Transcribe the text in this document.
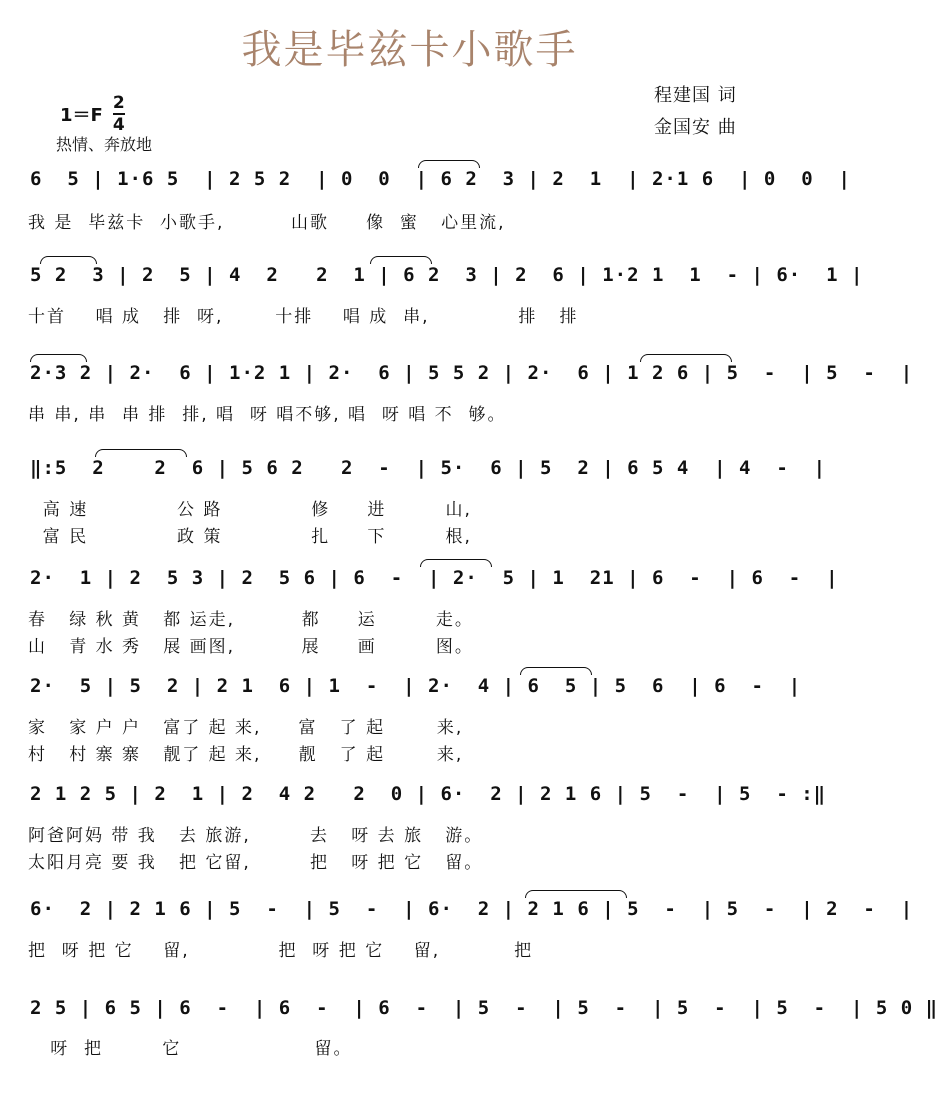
我是毕兹卡小歌手
1＝F
2
4
热情、奔放地
程建国 词
金国安 曲
6  5 | 1·6 5  | 2 5 2  | 0  0  | 6 2  3 | 2  1  | 2·1 6  | 0  0  |
我 是  毕兹卡  小歌手,         山歌     像  蜜   心里流,
5 2  3 | 2  5 | 4  2   2  1 | 6 2  3 | 2  6 | 1·2 1  1  - | 6·  1 |
十首    唱 成   排  呀,       十排    唱 成  串,            排   排
2·3 2 | 2·  6 | 1·2 1 | 2·  6 | 5 5 2 | 2·  6 | 1 2 6 | 5  -  | 5  -  |
串 串, 串  串 排  排, 唱  呀 唱不够, 唱  呀 唱 不  够。
‖:5  2    2  6 | 5 6 2   2  -  | 5·  6 | 5  2 | 6 5 4  | 4  -  |
高 速            公 路            修     进        山,
富 民            政 策            扎     下        根,
2·  1 | 2  5 3 | 2  5 6 | 6  -  | 2·  5 | 1  21 | 6  -  | 6  -  |
春   绿 秋 黄   都 运走,         都     运        走。
山   青 水 秀   展 画图,         展     画        图。
2·  5 | 5  2 | 2 1  6 | 1  -  | 2·  4 | 6  5 | 5  6  | 6  -  |
家   家 户 户   富了 起 来,     富   了 起       来,
村   村 寨 寨   靓了 起 来,     靓   了 起       来,
2 1 2 5 | 2  1 | 2  4 2   2  0 | 6·  2 | 2 1 6 | 5  -  | 5  - :‖
阿爸阿妈 带 我   去 旅游,        去   呀 去 旅   游。
太阳月亮 要 我   把 它留,        把   呀 把 它   留。
6·  2 | 2 1 6 | 5  -  | 5  -  | 6·  2 | 2 1 6 | 5  -  | 5  -  | 2  -  |
把  呀 把 它    留,            把  呀 把 它    留,          把
2 5 | 6 5 | 6  -  | 6  -  | 6  -  | 5  -  | 5  -  | 5  -  | 5  -  | 5 0 ‖
呀  把        它                  留。
